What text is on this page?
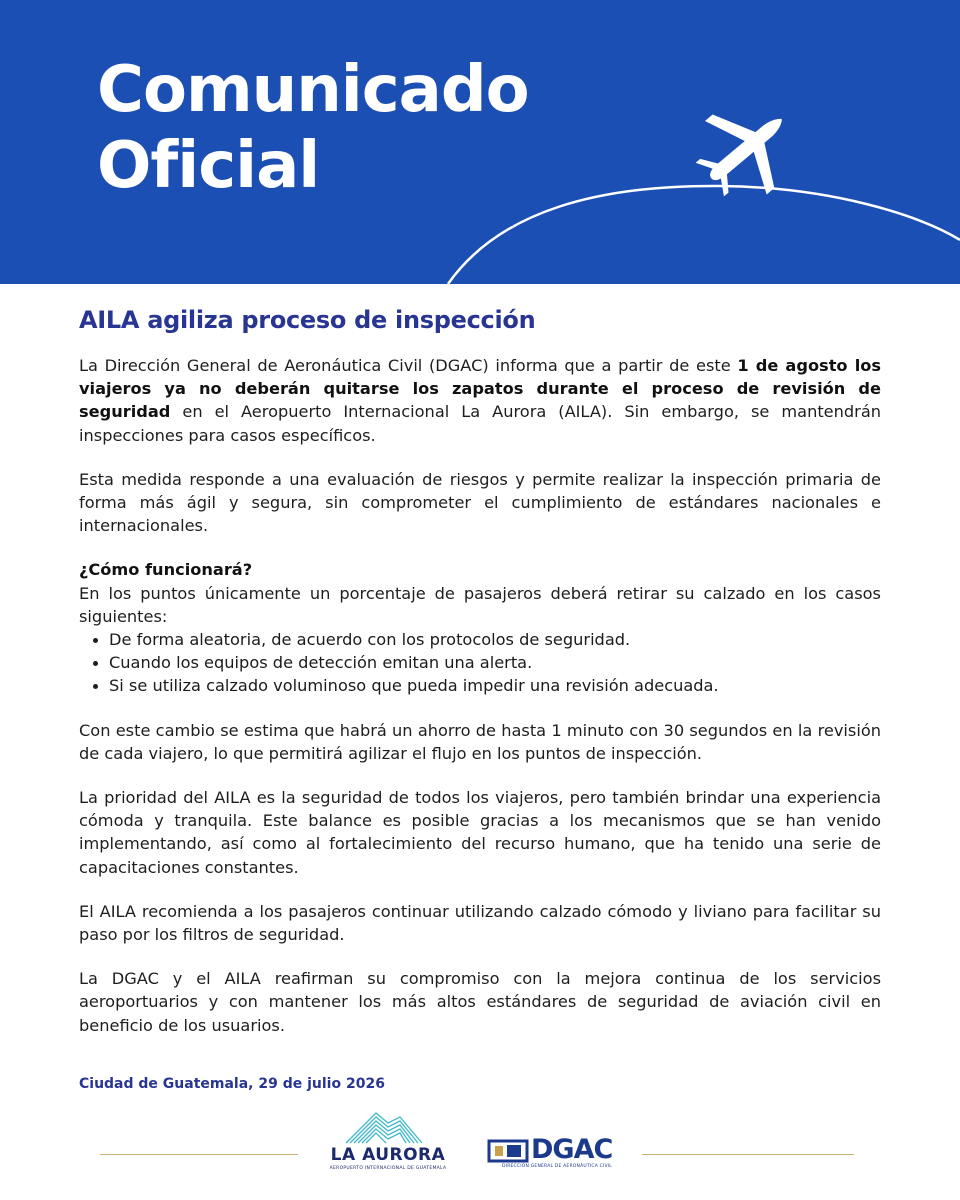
Comunicado
Oficial
AILA agiliza proceso de inspección

La Dirección General de Aeronáutica Civil (DGAC) informa que a partir de este 1 de agosto los viajeros ya no deberán quitarse los zapatos durante el proceso de revisión de seguridad en el Aeropuerto Internacional La Aurora (AILA). Sin embargo, se mantendrán inspecciones para casos específicos.

Esta medida responde a una evaluación de riesgos y permite realizar la inspección primaria de forma más ágil y segura, sin comprometer el cumplimiento de estándares nacionales e internacionales.

¿Cómo funcionará?

En los puntos únicamente un porcentaje de pasajeros deberá retirar su calzado en los casos siguientes:

De forma aleatoria, de acuerdo con los protocolos de seguridad.
Cuando los equipos de detección emitan una alerta.
Si se utiliza calzado voluminoso que pueda impedir una revisión adecuada.

Con este cambio se estima que habrá un ahorro de hasta 1 minuto con 30 segundos en la revisión de cada viajero, lo que permitirá agilizar el flujo en los puntos de inspección.

La prioridad del AILA es la seguridad de todos los viajeros, pero también brindar una experiencia cómoda y tranquila. Este balance es posible gracias a los mecanismos que se han venido implementando, así como al fortalecimiento del recurso humano, que ha tenido una serie de capacitaciones constantes.

El AILA recomienda a los pasajeros continuar utilizando calzado cómodo y liviano para facilitar su paso por los filtros de seguridad.

La DGAC y el AILA reafirman su compromiso con la mejora continua de los servicios aeroportuarios y con mantener los más altos estándares de seguridad de aviación civil en beneficio de los usuarios.

Ciudad de Guatemala, 29 de julio 2026

LA AURORA
AEROPUERTO INTERNACIONAL DE GUATEMALA
DGAC
DIRECCIÓN GENERAL DE AERONÁUTICA CIVIL
